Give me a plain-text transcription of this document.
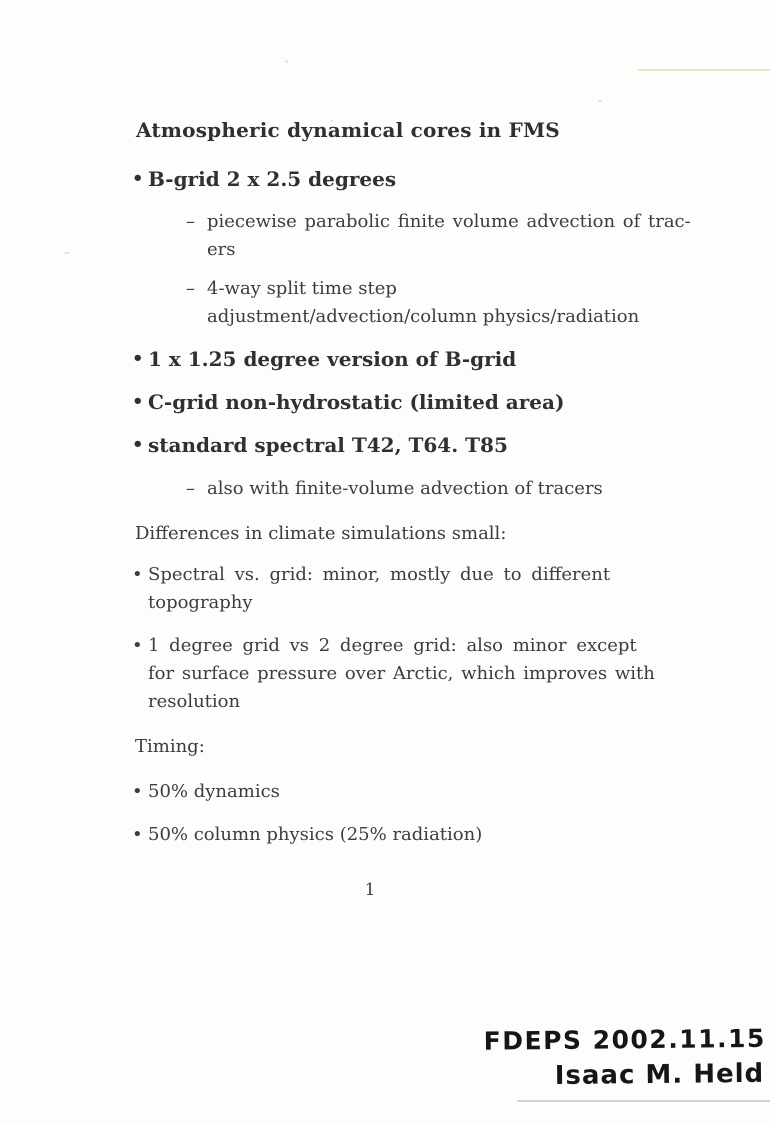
Atmospheric dynamical cores in FMS
• B-grid 2 x 2.5 degrees
– piecewise parabolic finite volume advection of trac-
ers
– 4-way split time step
adjustment/advection/column physics/radiation
• 1 x 1.25 degree version of B-grid
• C-grid non-hydrostatic (limited area)
• standard spectral T42, T64. T85
– also with finite-volume advection of tracers
Differences in climate simulations small:
• Spectral vs. grid: minor, mostly due to different
topography
• 1 degree grid vs 2 degree grid: also minor except
for surface pressure over Arctic, which improves with
resolution
Timing:
• 50% dynamics
• 50% column physics (25% radiation)
1
FDEPS 2002.11.15
Isaac M. Held
